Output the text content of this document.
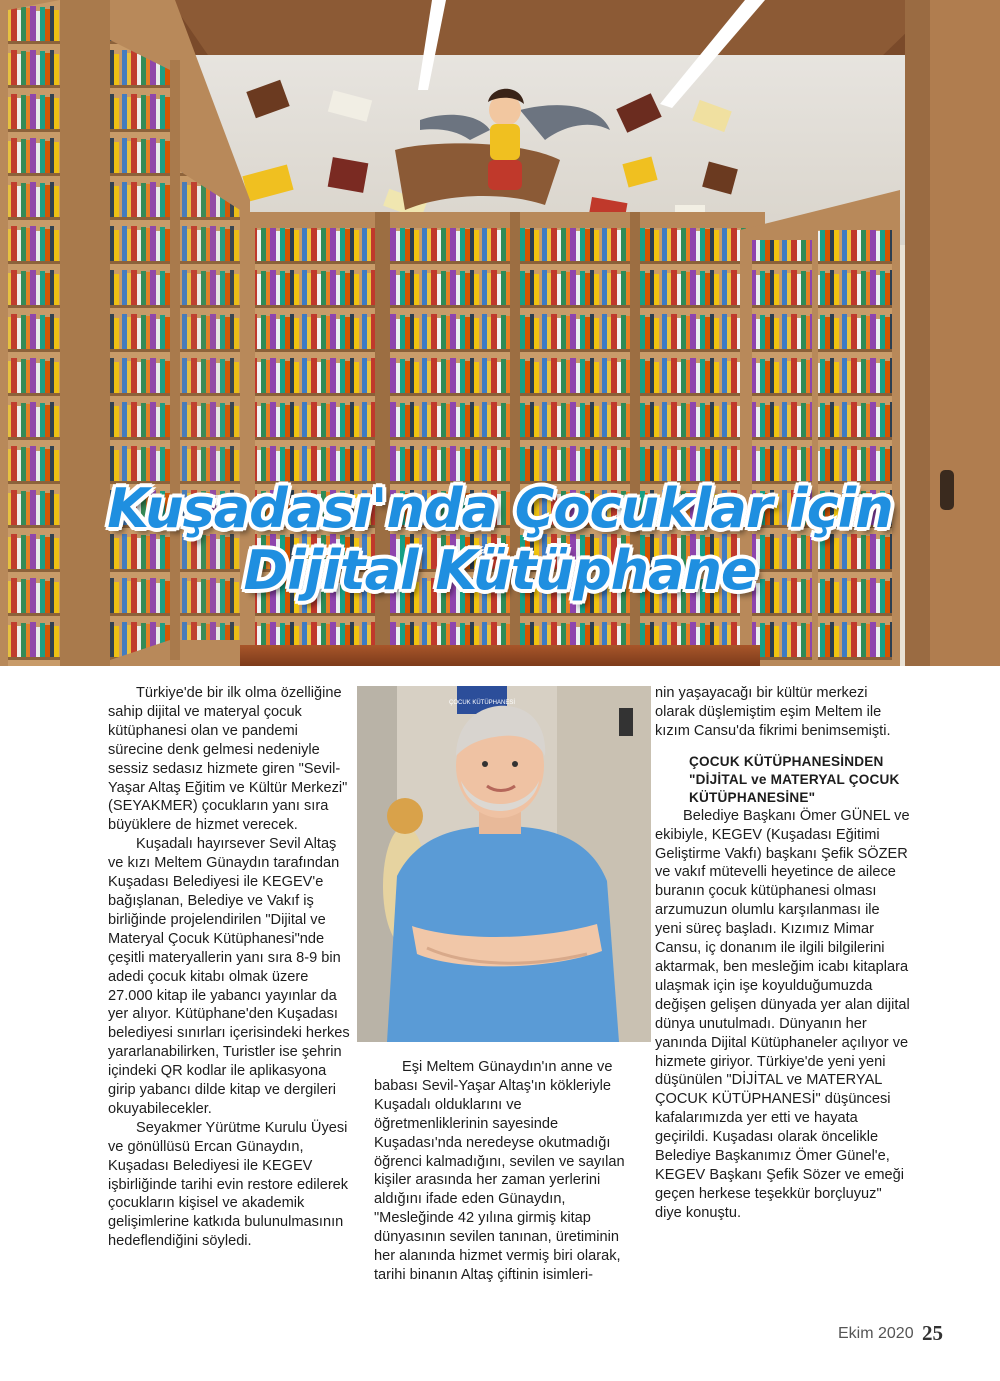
Kuşadası'nda Çocuklar için
Dijital Kütüphane

Türkiye'de bir ilk olma özelliğine sahip dijital ve materyal çocuk kütüphanesi olan ve pandemi sürecine denk gelmesi nedeniyle sessiz sedasız hizmete giren "Sevil-Yaşar Altaş Eğitim ve Kültür Merkezi"(SEYAKMER) çocukların yanı sıra büyüklere de hizmet verecek.

Kuşadalı hayırsever Sevil Altaş ve kızı Meltem Günaydın tarafından Kuşadası Belediyesi ile KEGEV'e bağışlanan, Belediye ve Vakıf iş birliğinde projelendirilen "Dijital ve Materyal Çocuk Kütüphanesi"nde çeşitli materyallerin yanı sıra 8-9 bin adedi çocuk kitabı olmak üzere 27.000 kitap ile yabancı yayınlar da yer alıyor. Kütüphane'den Kuşadası belediyesi sınırları içerisindeki herkes yararlanabilirken, Turistler ise şehrin içindeki QR kodlar ile aplikasyona girip yabancı dilde kitap ve dergileri okuyabilecekler.

Seyakmer Yürütme Kurulu Üyesi ve gönüllüsü Ercan Günaydın, Kuşadası Belediyesi ile KEGEV işbirliğinde tarihi evin restore edilerek çocukların kişisel ve akademik gelişimlerine katkıda bulunulmasının hedeflendiğini söyledi.

ÇOCUK KÜTÜPHANESİ

Eşi Meltem Günaydın'ın anne ve babası Sevil-Yaşar Altaş'ın kökleriyle Kuşadalı olduklarını ve öğretmenliklerinin sayesinde Kuşadası'nda neredeyse okutmadığı öğrenci kalmadığını, sevilen ve sayılan kişiler arasında her zaman yerlerini aldığını ifade eden Günaydın, "Mesleğinde 42 yılına girmiş kitap dünyasının sevilen tanınan, üretiminin her alanında hizmet vermiş biri olarak, tarihi binanın Altaş çiftinin isimleri-

nin yaşayacağı bir kültür merkezi olarak düşlemiştim eşim Meltem ile kızım Cansu'da fikrimi benimsemişti.

ÇOCUK KÜTÜPHANESİNDEN
"DİJİTAL ve MATERYAL ÇOCUK
KÜTÜPHANESİNE"

Belediye Başkanı Ömer GÜNEL ve ekibiyle, KEGEV (Kuşadası Eğitimi Geliştirme Vakfı) başkanı Şefik SÖZER ve vakıf mütevelli heyetince de ailece buranın çocuk kütüphanesi olması arzumuzun olumlu karşılanması ile yeni süreç başladı. Kızımız Mimar Cansu, iç donanım ile ilgili bilgilerini aktarmak, ben mesleğim icabı kitaplara ulaşmak için işe koyulduğumuzda değişen gelişen dünyada yer alan dijital dünya unutulmadı. Dünyanın her yanında Dijital Kütüphaneler açılıyor ve hizmete giriyor. Türkiye'de yeni yeni düşünülen "DİJİTAL ve MATERYAL ÇOCUK KÜTÜPHANESİ" düşüncesi kafalarımızda yer etti ve hayata geçirildi. Kuşadası olarak öncelikle Belediye Başkanımız Ömer Günel'e, KEGEV Başkanı Şefik Sözer ve emeği geçen herkese teşekkür borçluyuz" diye konuştu.

Ekim 2020 25
